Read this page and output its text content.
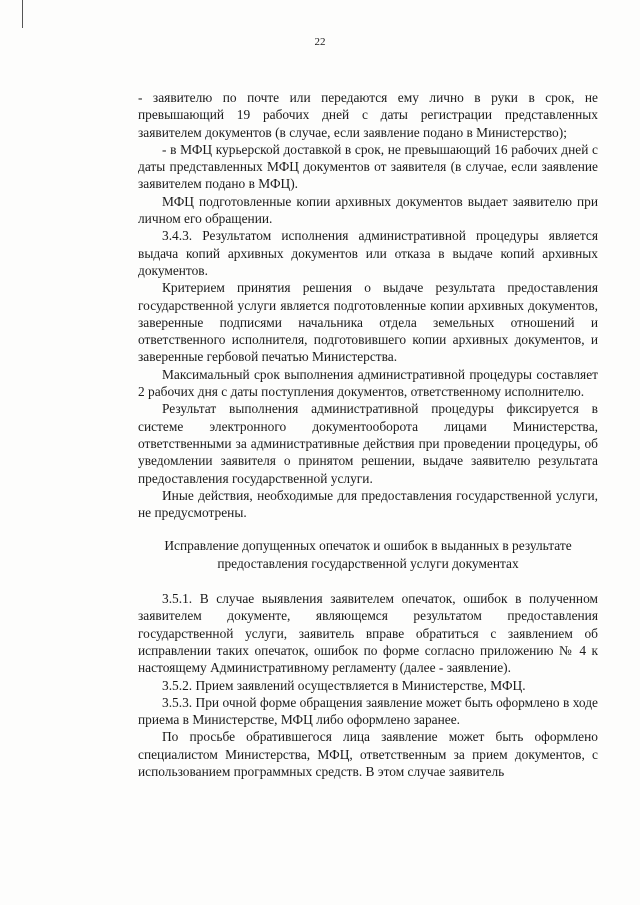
22

- заявителю по почте или передаются ему лично в руки в срок, не превышающий 19 рабочих дней с даты регистрации представленных заявителем документов (в случае, если заявление подано в Министерство);

- в МФЦ курьерской доставкой в срок, не превышающий 16 рабочих дней с даты представленных МФЦ документов от заявителя (в случае, если заявление заявителем подано в МФЦ).

МФЦ подготовленные копии архивных документов выдает заявителю при личном его обращении.

3.4.3. Результатом исполнения административной процедуры является выдача копий архивных документов или отказа в выдаче копий архивных документов.

Критерием принятия решения о выдаче результата предоставления государственной услуги является подготовленные копии архивных документов, заверенные подписями начальника отдела земельных отношений и ответственного исполнителя, подготовившего копии архивных документов, и заверенные гербовой печатью Министерства.

Максимальный срок выполнения административной процедуры составляет 2 рабочих дня с даты поступления документов, ответственному исполнителю.

Результат выполнения административной процедуры фиксируется в системе электронного документооборота лицами Министерства, ответственными за административные действия при проведении процедуры, об уведомлении заявителя о принятом решении, выдаче заявителю результата предоставления государственной услуги.

Иные действия, необходимые для предоставления государственной услуги, не предусмотрены.

Исправление допущенных опечаток и ошибок в выданных в результате предоставления государственной услуги документах

3.5.1. В случае выявления заявителем опечаток, ошибок в полученном заявителем документе, являющемся результатом предоставления государственной услуги, заявитель вправе обратиться с заявлением об исправлении таких опечаток, ошибок по форме согласно приложению № 4 к настоящему Административному регламенту (далее - заявление).

3.5.2. Прием заявлений осуществляется в Министерстве, МФЦ.

3.5.3. При очной форме обращения заявление может быть оформлено в ходе приема в Министерстве, МФЦ либо оформлено заранее.

По просьбе обратившегося лица заявление может быть оформлено специалистом Министерства, МФЦ, ответственным за прием документов, с использованием программных средств. В этом случае заявитель
